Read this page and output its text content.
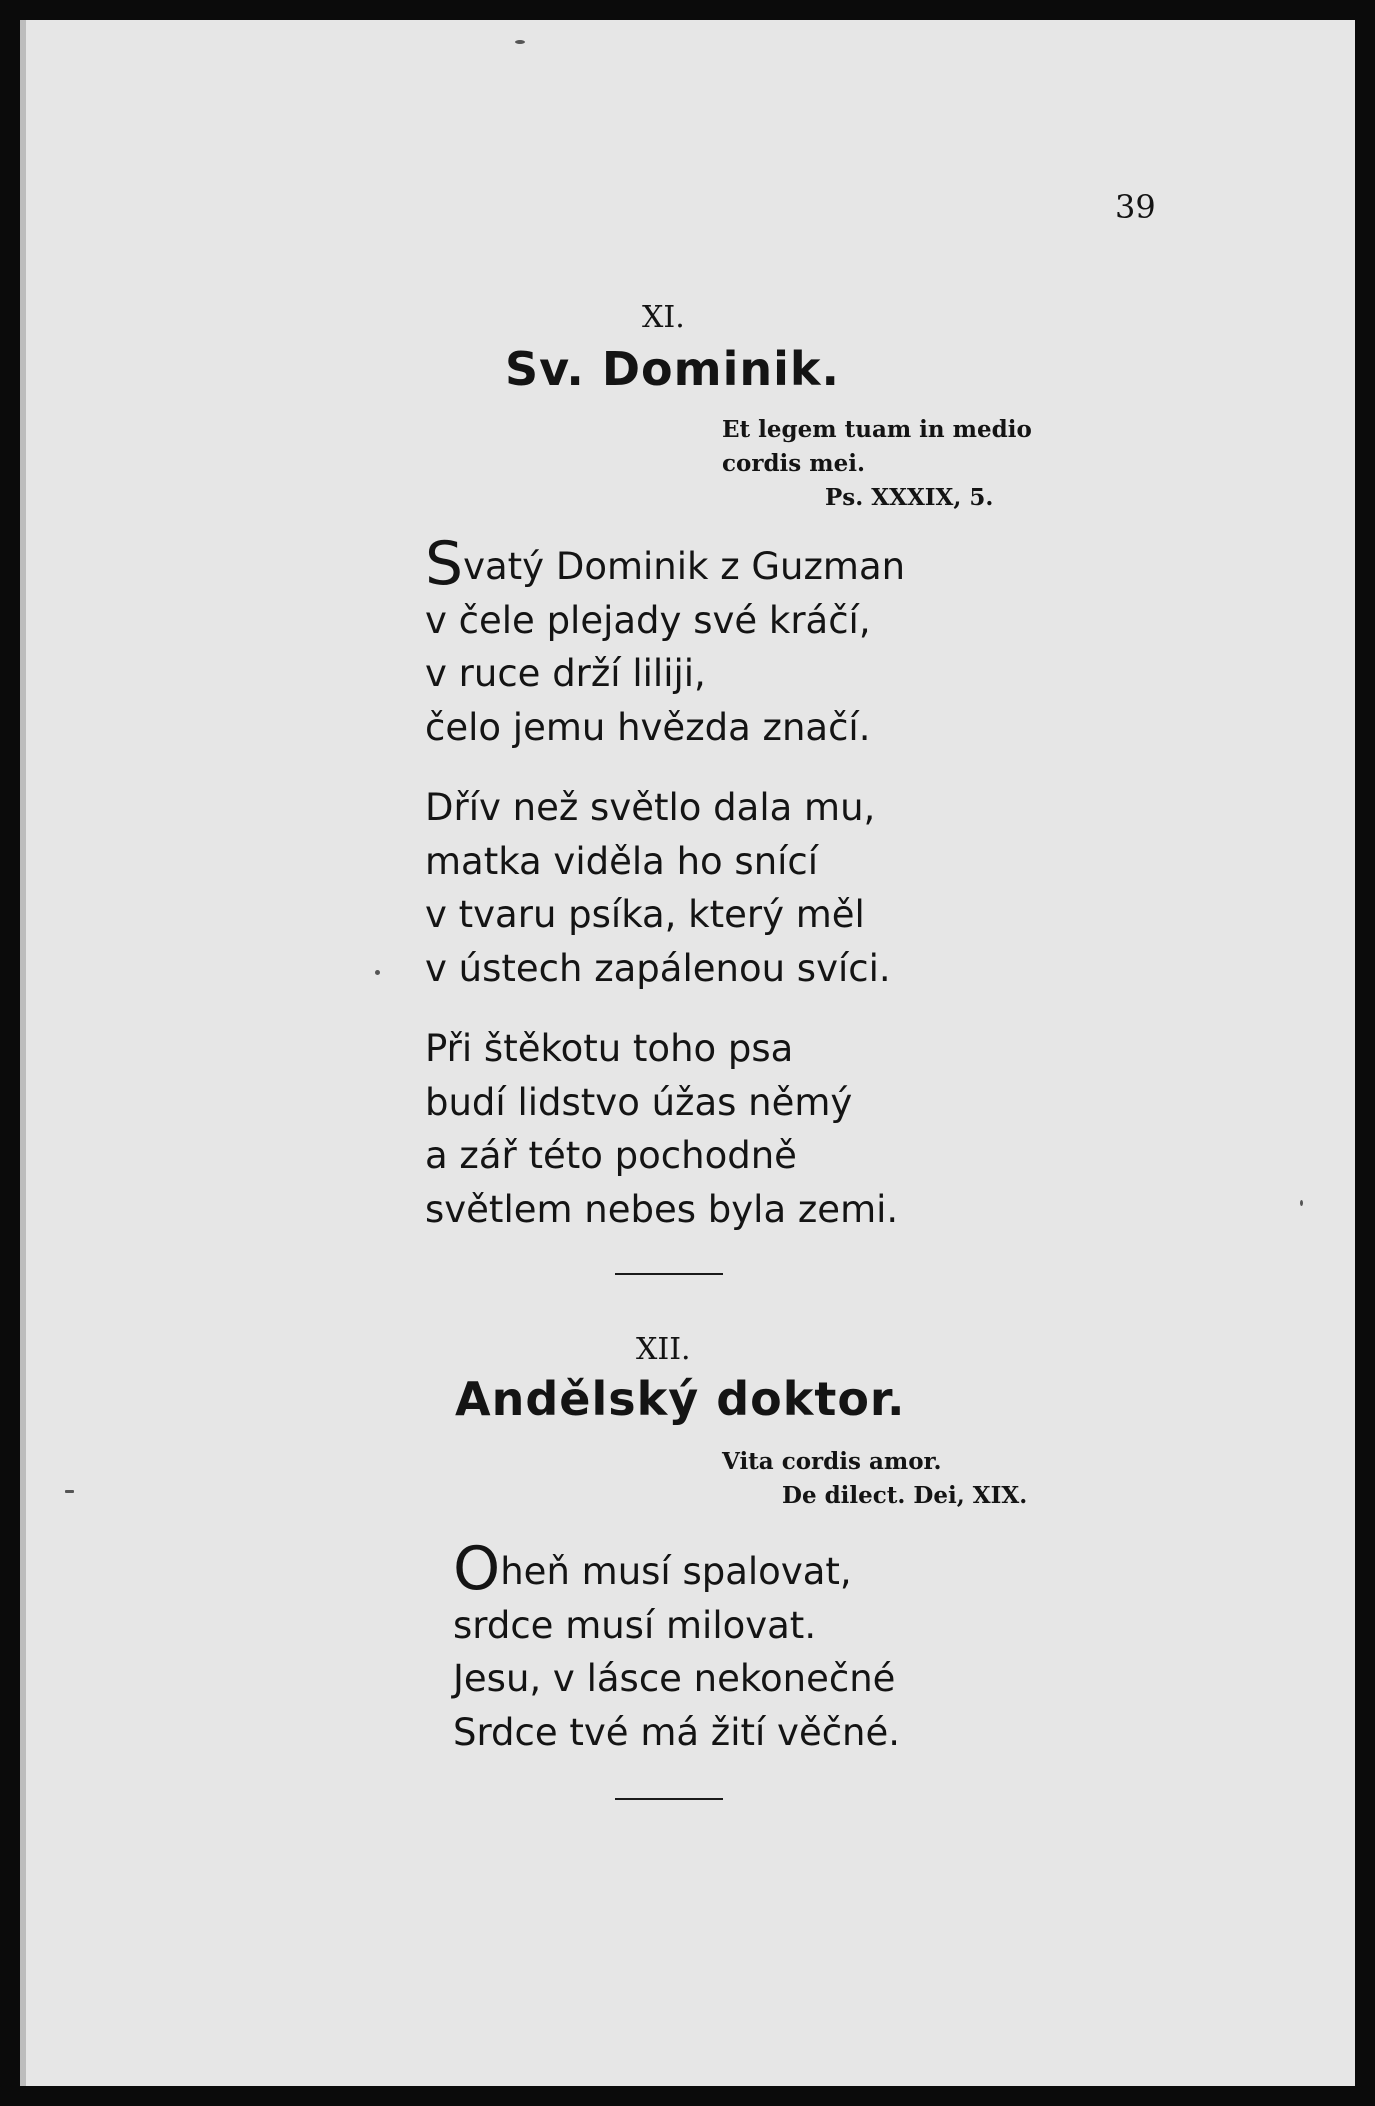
39
XI.
Sv. Dominik.
Et legem tuam in medio
cordis mei.
Ps. XXXIX, 5.
Svatý Dominik z Guzman
v čele plejady své kráčí,
v ruce drží liliji,
čelo jemu hvězda značí.
Dřív než světlo dala mu,
matka viděla ho snící
v tvaru psíka, který měl
v ústech zapálenou svíci.
Při štěkotu toho psa
budí lidstvo úžas němý
a zář této pochodně
světlem nebes byla zemi.
XII.
Andělský doktor.
Vita cordis amor.
De dilect. Dei, XIX.
Oheň musí spalovat,
srdce musí milovat.
Jesu, v lásce nekonečné
Srdce tvé má žití věčné.
